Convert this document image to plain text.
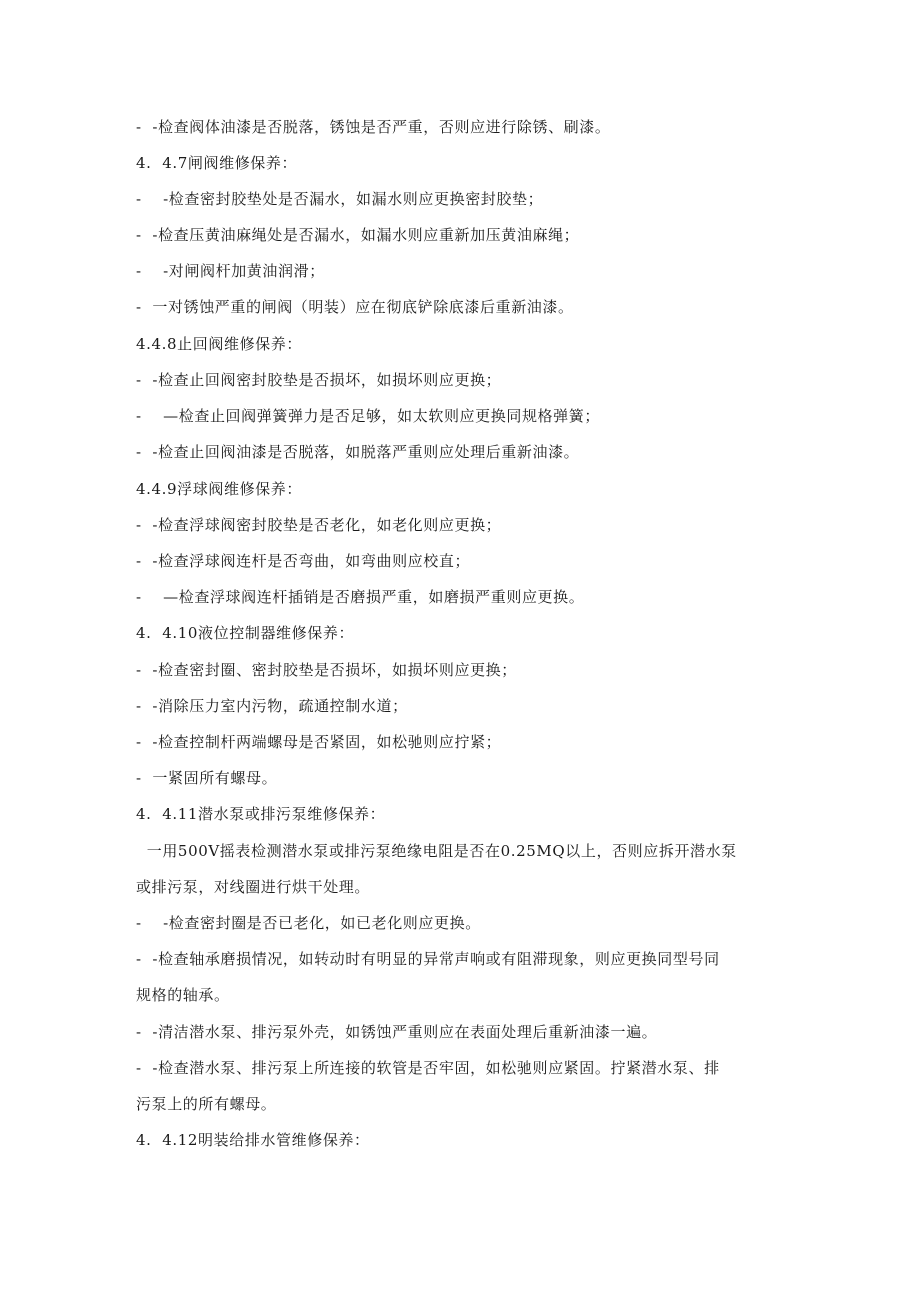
-  -检查阀体油漆是否脱落，锈蚀是否严重，否则应进行除锈、刷漆。
4.  4.7闸阀维修保养：
-    -检查密封胶垫处是否漏水，如漏水则应更换密封胶垫；
-  -检查压黄油麻绳处是否漏水，如漏水则应重新加压黄油麻绳；
-    -对闸阀杆加黄油润滑；
-  一对锈蚀严重的闸阀（明装）应在彻底铲除底漆后重新油漆。
4.4.8止回阀维修保养：
-  -检查止回阀密封胶垫是否损坏，如损坏则应更换；
-    —检查止回阀弹簧弹力是否足够，如太软则应更换同规格弹簧；
-  -检查止回阀油漆是否脱落，如脱落严重则应处理后重新油漆。
4.4.9浮球阀维修保养：
-  -检查浮球阀密封胶垫是否老化，如老化则应更换；
-  -检查浮球阀连杆是否弯曲，如弯曲则应校直；
-    —检查浮球阀连杆插销是否磨损严重，如磨损严重则应更换。
4.  4.10液位控制器维修保养：
-  -检查密封圈、密封胶垫是否损坏，如损坏则应更换；
-  -消除压力室内污物，疏通控制水道；
-  -检查控制杆两端螺母是否紧固，如松驰则应拧紧；
-  一紧固所有螺母。
4.  4.11潜水泵或排污泵维修保养：
一用500V摇表检测潜水泵或排污泵绝缘电阻是否在0.25MQ以上，否则应拆开潜水泵
或排污泵，对线圈进行烘干处理。
-    -检查密封圈是否已老化，如已老化则应更换。
-  -检查轴承磨损情况，如转动时有明显的异常声响或有阻滞现象，则应更换同型号同
规格的轴承。
-  -清洁潜水泵、排污泵外壳，如锈蚀严重则应在表面处理后重新油漆一遍。
-  -检查潜水泵、排污泵上所连接的软管是否牢固，如松驰则应紧固。拧紧潜水泵、排
污泵上的所有螺母。
4.  4.12明装给排水管维修保养：
